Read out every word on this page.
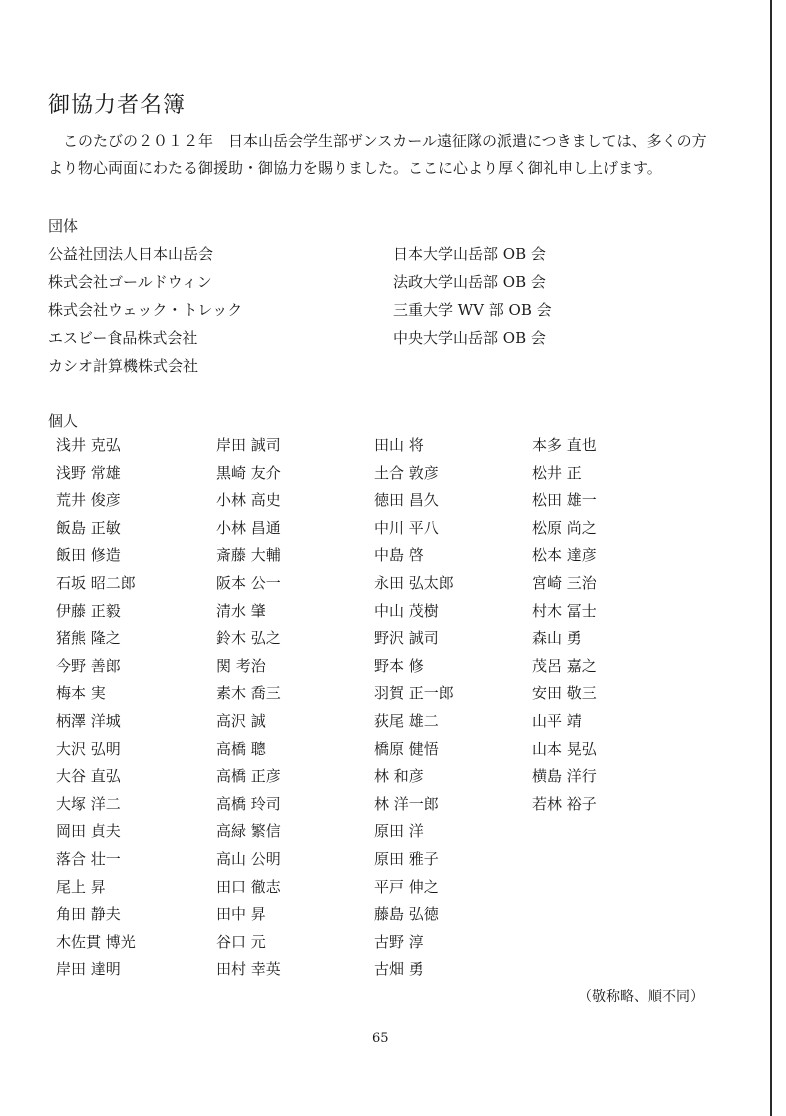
御協力者名簿

このたびの２０１２年　日本山岳会学生部ザンスカール遠征隊の派遣につきましては、多くの方より物心両面にわたる御援助・御協力を賜りました。ここに心より厚く御礼申し上げます。

団体
公益社団法人日本山岳会
株式会社ゴールドウィン
株式会社ウェック・トレック
エスビー食品株式会社
カシオ計算機株式会社
日本大学山岳部 OB 会
法政大学山岳部 OB 会
三重大学 WV 部 OB 会
中央大学山岳部 OB 会
個人
浅井 克弘
浅野 常雄
荒井 俊彦
飯島 正敏
飯田 修造
石坂 昭二郎
伊藤 正毅
猪熊 隆之
今野 善郎
梅本 実
柄澤 洋城
大沢 弘明
大谷 直弘
大塚 洋二
岡田 貞夫
落合 壮一
尾上 昇
角田 静夫
木佐貫 博光
岸田 達明
岸田 誠司
黒崎 友介
小林 高史
小林 昌通
斎藤 大輔
阪本 公一
清水 肇
鈴木 弘之
関 考治
素木 喬三
高沢 誠
高橋 聰
高橋 正彦
高橋 玲司
高緑 繁信
高山 公明
田口 徹志
田中 昇
谷口 元
田村 幸英
田山 将
土合 敦彦
徳田 昌久
中川 平八
中島 啓
永田 弘太郎
中山 茂樹
野沢 誠司
野本 修
羽賀 正一郎
荻尾 雄二
橋原 健悟
林 和彦
林 洋一郎
原田 洋
原田 雅子
平戸 伸之
藤島 弘徳
古野 淳
古畑 勇
本多 直也
松井 正
松田 雄一
松原 尚之
松本 達彦
宮崎 三治
村木 冨士
森山 勇
茂呂 嘉之
安田 敬三
山平 靖
山本 晃弘
横島 洋行
若林 裕子
（敬称略、順不同）
65
